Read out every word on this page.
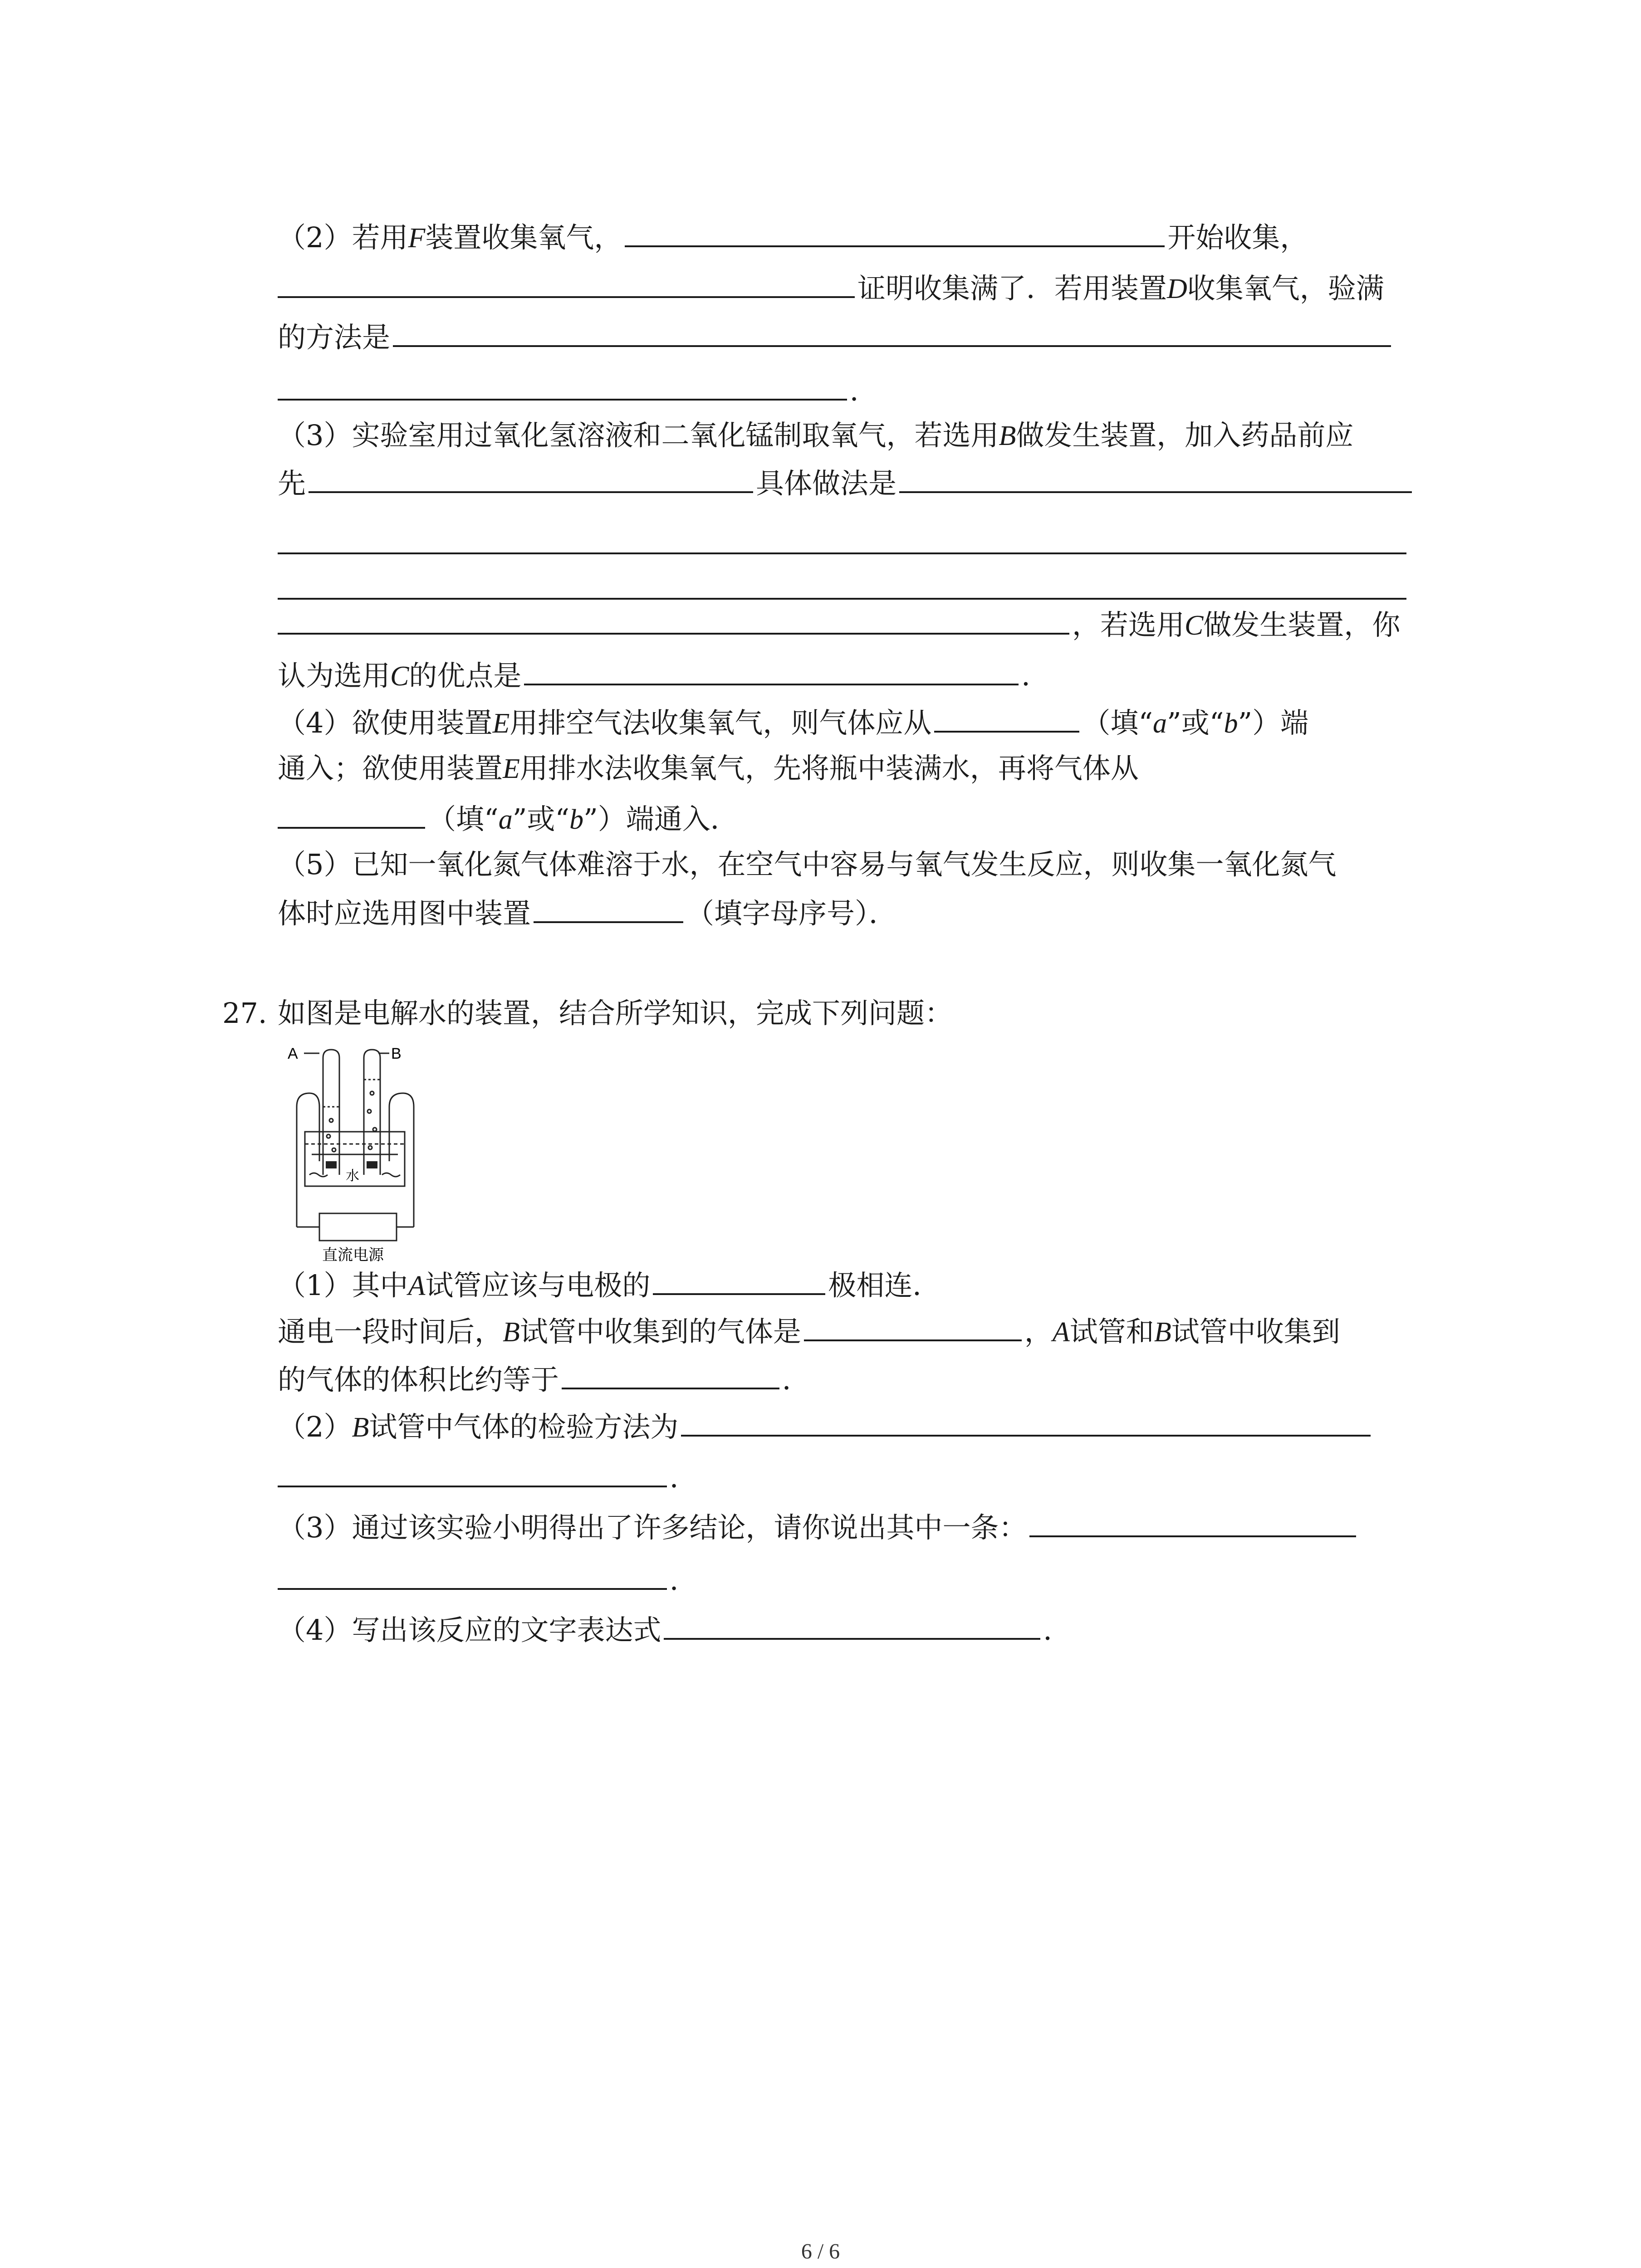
（2）若用F装置收集氧气，	开始收集，
证明收集满了．若用装置D收集氧气，验满
的方法是
．
（3）实验室用过氧化氢溶液和二氧化锰制取氧气，若选用B做发生装置，加入药品前应
先	具体做法是
，若选用C做发生装置，你
认为选用C的优点是	．
（4）欲使用装置E用排空气法收集氧气，则气体应从	（填“a”或“b”）端
通入；欲使用装置E用排水法收集氧气，先将瓶中装满水，再将气体从
（填“a”或“b”）端通入．
（5）已知一氧化氮气体难溶于水，在空气中容易与氧气发生反应，则收集一氧化氮气
体时应选用图中装置	（填字母序号）．
27. 如图是电解水的装置，结合所学知识，完成下列问题：
A	B
水
直流电源
（1）其中A试管应该与电极的	极相连．
通电一段时间后，B试管中收集到的气体是	，A试管和B试管中收集到
的气体的体积比约等于	．
（2）B试管中气体的检验方法为
．
（3）通过该实验小明得出了许多结论，请你说出其中一条：
．
（4）写出该反应的文字表达式	．
6 / 6
